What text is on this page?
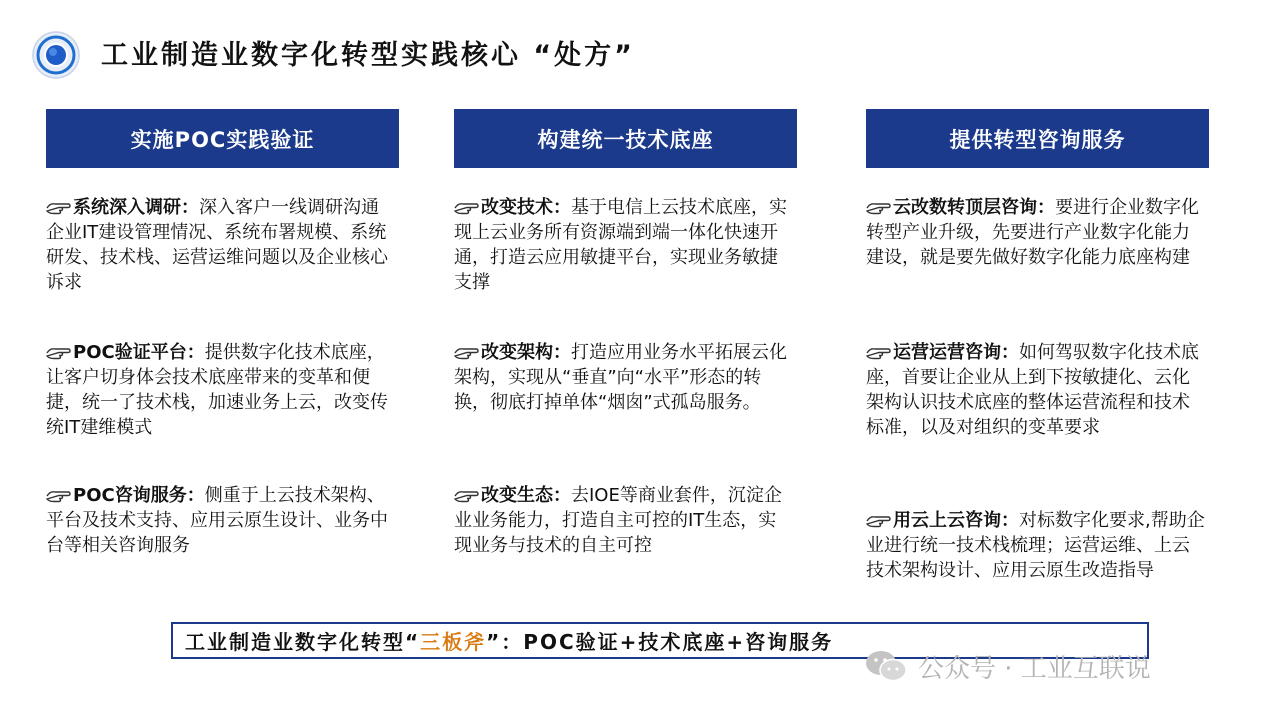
工业制造业数字化转型实践核心 “处方”
实施POC实践验证	构建统一技术底座	提供转型咨询服务
系统深入调研：深入客户一线调研沟通企业IT建设管理情况、系统布署规模、系统研发、技术栈、运营运维问题以及企业核心诉求
POC验证平台：提供数字化技术底座，让客户切身体会技术底座带来的变革和便捷，统一了技术栈，加速业务上云，改变传统IT建维模式
POC咨询服务：侧重于上云技术架构、平台及技术支持、应用云原生设计、业务中台等相关咨询服务
改变技术：基于电信上云技术底座，实现上云业务所有资源端到端一体化快速开通，打造云应用敏捷平台，实现业务敏捷支撑
改变架构：打造应用业务水平拓展云化架构，实现从“垂直”向“水平”形态的转换，彻底打掉单体“烟囱”式孤岛服务。
改变生态：去IOE等商业套件，沉淀企业业务能力，打造自主可控的IT生态，实现业务与技术的自主可控
云改数转顶层咨询：要进行企业数字化转型产业升级，先要进行产业数字化能力建设，就是要先做好数字化能力底座构建
运营运营咨询：如何驾驭数字化技术底座，首要让企业从上到下按敏捷化、云化架构认识技术底座的整体运营流程和技术标准，以及对组织的变革要求
用云上云咨询：对标数字化要求,帮助企业进行统一技术栈梳理；运营运维、上云技术架构设计、应用云原生改造指导
工业制造业数字化转型“ 三板斧 ”：POC验证+技术底座+咨询服务
公众号 · 工业互联说
